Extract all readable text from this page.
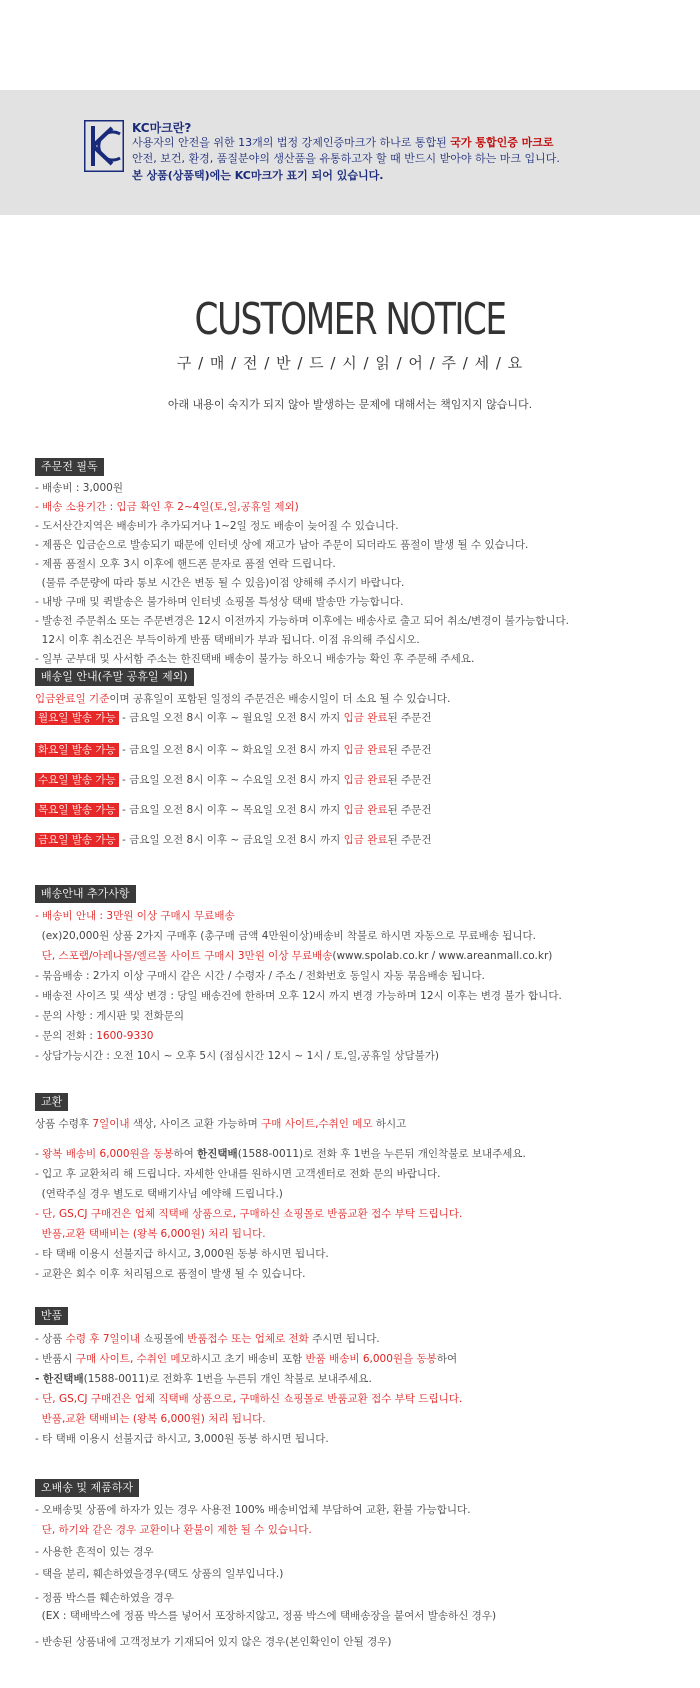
KC마크란?
사용자의 안전을 위한 13개의 법정 강제인증마크가 하나로 통합된 국가 통합인증 마크로
안전, 보건, 환경, 품질분야의 생산품을 유통하고자 할 때 반드시 받아야 하는 마크 입니다.
본 상품(상품택)에는 KC마크가 표기 되어 있습니다.
CUSTOMER NOTICE
구 / 매 / 전 / 반 / 드 / 시 / 읽 / 어 / 주 / 세 / 요
아래 내용이 숙지가 되지 않아 발생하는 문제에 대해서는 책임지지 않습니다.
주문전 필독
- 배송비 : 3,000원
- 배송 소용기간 : 입금 확인 후 2~4일(토,일,공휴일 제외)
- 도서산간지역은 배송비가 추가되거나 1~2일 정도 배송이 늦어질 수 있습니다.
- 제품은 입금순으로 발송되기 때문에 인터넷 상에 재고가 남아 주문이 되더라도 품절이 발생 될 수 있습니다.
- 제품 품절시 오후 3시 이후에 핸드폰 문자로 품절 연락 드립니다.
(물류 주문량에 따라 통보 시간은 변동 될 수 있음)이점 양해해 주시기 바랍니다.
- 내방 구매 및 퀵발송은 불가하며 인터넷 쇼핑몰 특성상 택배 발송만 가능합니다.
- 발송전 주문취소 또는 주문변경은 12시 이전까지 가능하며 이후에는 배송사로 출고 되어 취소/변경이 불가능합니다.
12시 이후 취소건은 부득이하게 반품 택배비가 부과 됩니다. 이점 유의해 주십시오.
- 일부 군부대 및 사서함 주소는 한진택배 배송이 불가능 하오니 배송가능 확인 후 주문해 주세요.
배송일 안내(주말 공휴일 제외)
입금완료일 기준이며 공휴일이 포함된 일정의 주문건은 배송시일이 더 소요 될 수 있습니다.
월요일 발송 가능 - 금요일 오전 8시 이후 ~ 월요일 오전 8시 까지 입금 완료된 주문건
화요일 발송 가능 - 금요일 오전 8시 이후 ~ 화요일 오전 8시 까지 입금 완료된 주문건
수요일 발송 가능 - 금요일 오전 8시 이후 ~ 수요일 오전 8시 까지 입금 완료된 주문건
목요일 발송 가능 - 금요일 오전 8시 이후 ~ 목요일 오전 8시 까지 입금 완료된 주문건
금요일 발송 가능 - 금요일 오전 8시 이후 ~ 금요일 오전 8시 까지 입금 완료된 주문건
배송안내 추가사항
- 배송비 안내 : 3만원 이상 구매시 무료배송
(ex)20,000원 상품 2가지 구매후 (총구매 금액 4만원이상)배송비 착불로 하시면 자동으로 무료배송 됩니다.
단, 스포랩/아레나몰/엘르몰 사이트 구매시 3만원 이상 무료배송(www.spolab.co.kr / www.areanmall.co.kr)
- 묶음배송 : 2가지 이상 구매시 같은 시간 / 수령자 / 주소 / 전화번호 동일시 자동 묶음배송 됩니다.
- 배송전 사이즈 및 색상 변경 : 당일 배송건에 한하며 오후 12시 까지 변경 가능하며 12시 이후는 변경 불가 합니다.
- 문의 사항 : 게시판 및 전화문의
- 문의 전화 : 1600-9330
- 상담가능시간 : 오전 10시 ~ 오후 5시 (점심시간 12시 ~ 1시 / 토,일,공휴일 상담불가)
교환
상품 수령후 7일이내 색상, 사이즈 교환 가능하며 구매 사이트,수취인 메모 하시고
- 왕복 배송비 6,000원을 동봉하여 한진택배(1588-0011)로 전화 후 1번을 누른뒤 개인착불로 보내주세요.
- 입고 후 교환처리 해 드립니다. 자세한 안내를 원하시면 고객센터로 전화 문의 바랍니다.
(연락주실 경우 별도로 택배기사님 예약해 드립니다.)
- 단, GS,CJ 구매건은 업체 직택배 상품으로, 구매하신 쇼핑몰로 반품교환 접수 부탁 드립니다.
반품,교환 택배비는 (왕복 6,000원) 처리 됩니다.
- 타 택배 이용시 선불지급 하시고, 3,000원 동봉 하시면 됩니다.
- 교환은 회수 이후 처리됨으로 품절이 발생 될 수 있습니다.
반품
- 상품 수령 후 7일이내 쇼핑몰에 반품접수 또는 업체로 전화 주시면 됩니다.
- 반품시 구매 사이트, 수취인 메모하시고 초기 배송비 포함 반품 배송비 6,000원을 동봉하여
- 한진택배(1588-0011)로 전화후 1번을 누른뒤 개인 착불로 보내주세요.
- 단, GS,CJ 구매건은 업체 직택배 상품으로, 구매하신 쇼핑몰로 반품교환 접수 부탁 드립니다.
반품,교환 택배비는 (왕복 6,000원) 처리 됩니다.
- 타 택배 이용시 선불지급 하시고, 3,000원 동봉 하시면 됩니다.
오배송 및 제품하자
- 오배송및 상품에 하자가 있는 경우 사용전 100% 배송비업체 부담하여 교환, 환불 가능합니다.
단, 하기와 같은 경우 교환이나 환불이 제한 될 수 있습니다.
- 사용한 흔적이 있는 경우
- 택을 분리, 훼손하였을경우(택도 상품의 일부입니다.)
- 정품 박스를 훼손하였을 경우
(EX : 택배박스에 정품 박스를 넣어서 포장하지않고, 정품 박스에 택배송장을 붙여서 발송하신 경우)
- 반송된 상품내에 고객정보가 기재되어 있지 않은 경우(본인확인이 안될 경우)
